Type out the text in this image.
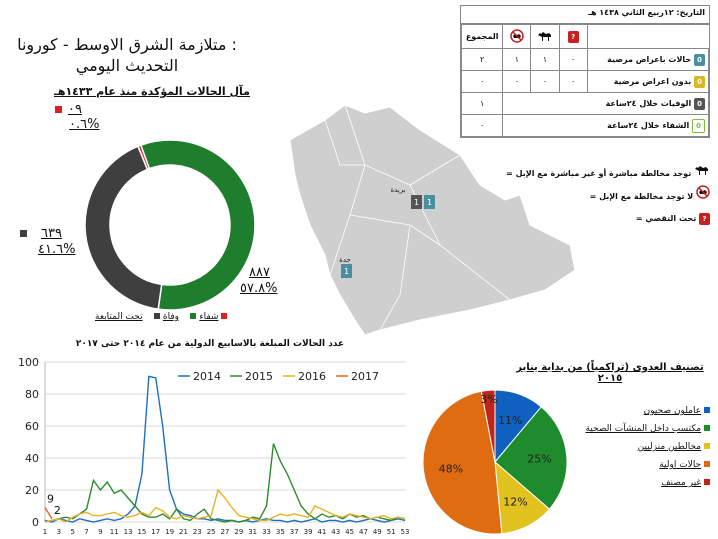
متلازمة الشرق الاوسط - كورونا :
التحديث اليومي
التاريخ: ١٢ربيع الثاني ١٤٣٨ هـ
	?			المجموع
0 حالات باعراض مرضية	٠	١	١	٢
0 بدون اعراض مرضية	٠	٠	٠	٠
0 الوفيات خلال ٢٤ساعة				١
0 الشفاء خلال ٢٤ساعة				٠
= توجد مخالطة مباشرة أو غير مباشرة مع الإبل
= لا توجد مخالطة مع الإبل
= تحت التقصي ?
بريدة
1 1
جدة
1
مآل الحالات المؤكدة منذ عام ١٤٣٣هـ
٠٩
٠.٦%
٦٣٩
٤١.٦%
٨٨٧
٥٧.٨%
شفاء     وفاة     تحت المتابعة
عدد الحالات المبلغة بالاسابيع الدولية من عام ٢٠١٤ حتى ٢٠١٧
0
20
40
60
80
100
1 3 5 7 9 11 13 15 17 19 21 23 25 27 29 31 33 35 37 39 41 43 45 47 49 51 53
9
2
2014 2015 2016 2017
تصنيف العدوى (تراكمياً) من بداية يناير ٢٠١٥
11%
25%
12%
48%
3%
عاملون صحيون
مكتسب داخل المنشآت الصحية
مخالطين منزليين
حالات اولية
غير مصنف
